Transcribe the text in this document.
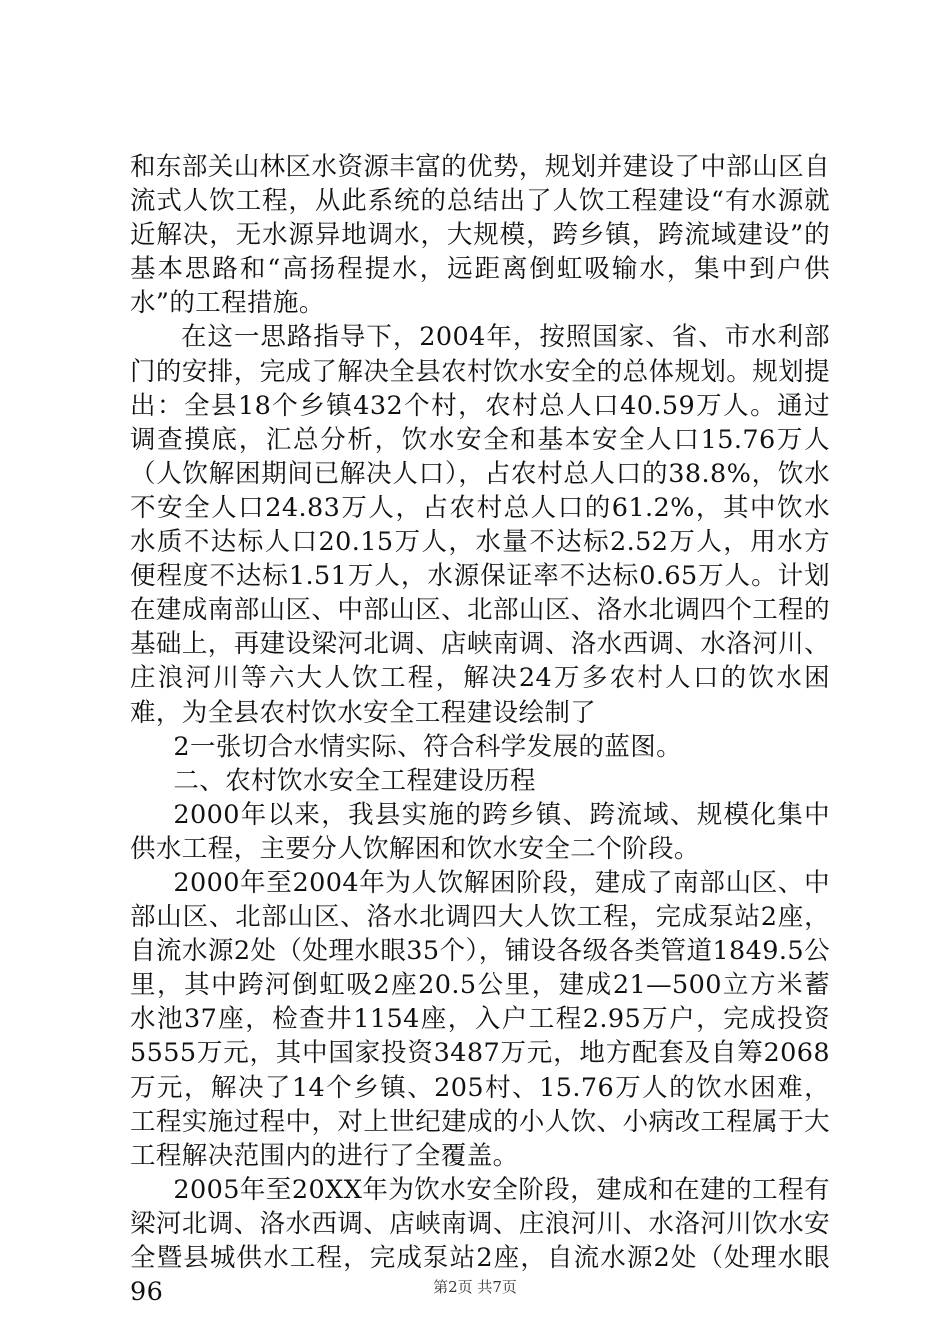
和东部关山林区水资源丰富的优势，规划并建设了中部山区自流式人饮工程，从此系统的总结出了人饮工程建设“有水源就近解决，无水源异地调水，大规模，跨乡镇，跨流域建设”的基本思路和“高扬程提水，远距离倒虹吸输水，集中到户供水”的工程措施。

在这一思路指导下，2004年，按照国家、省、市水利部门的安排，完成了解决全县农村饮水安全的总体规划。规划提出：全县18个乡镇432个村，农村总人口40.59万人。通过调查摸底，汇总分析，饮水安全和基本安全人口15.76万人（人饮解困期间已解决人口），占农村总人口的38.8%，饮水不安全人口24.83万人，占农村总人口的61.2%，其中饮水水质不达标人口20.15万人，水量不达标2.52万人，用水方便程度不达标1.51万人，水源保证率不达标0.65万人。计划在建成南部山区、中部山区、北部山区、洛水北调四个工程的基础上，再建设梁河北调、店峡南调、洛水西调、水洛河川、庄浪河川等六大人饮工程，解决24万多农村人口的饮水困难，为全县农村饮水安全工程建设绘制了

2一张切合水情实际、符合科学发展的蓝图。

二、农村饮水安全工程建设历程

2000年以来，我县实施的跨乡镇、跨流域、规模化集中供水工程，主要分人饮解困和饮水安全二个阶段。

2000年至2004年为人饮解困阶段，建成了南部山区、中部山区、北部山区、洛水北调四大人饮工程，完成泵站2座，自流水源2处（处理水眼35个），铺设各级各类管道1849.5公里，其中跨河倒虹吸2座20.5公里，建成21—500立方米蓄水池37座，检查井1154座，入户工程2.95万户，完成投资5555万元，其中国家投资3487万元，地方配套及自筹2068万元，解决了14个乡镇、205村、15.76万人的饮水困难，工程实施过程中，对上世纪建成的小人饮、小病改工程属于大工程解决范围内的进行了全覆盖。

2005年至20XX年为饮水安全阶段，建成和在建的工程有梁河北调、洛水西调、店峡南调、庄浪河川、水洛河川饮水安全暨县城供水工程，完成泵站2座，自流水源2处（处理水眼96	第2页 共7页
